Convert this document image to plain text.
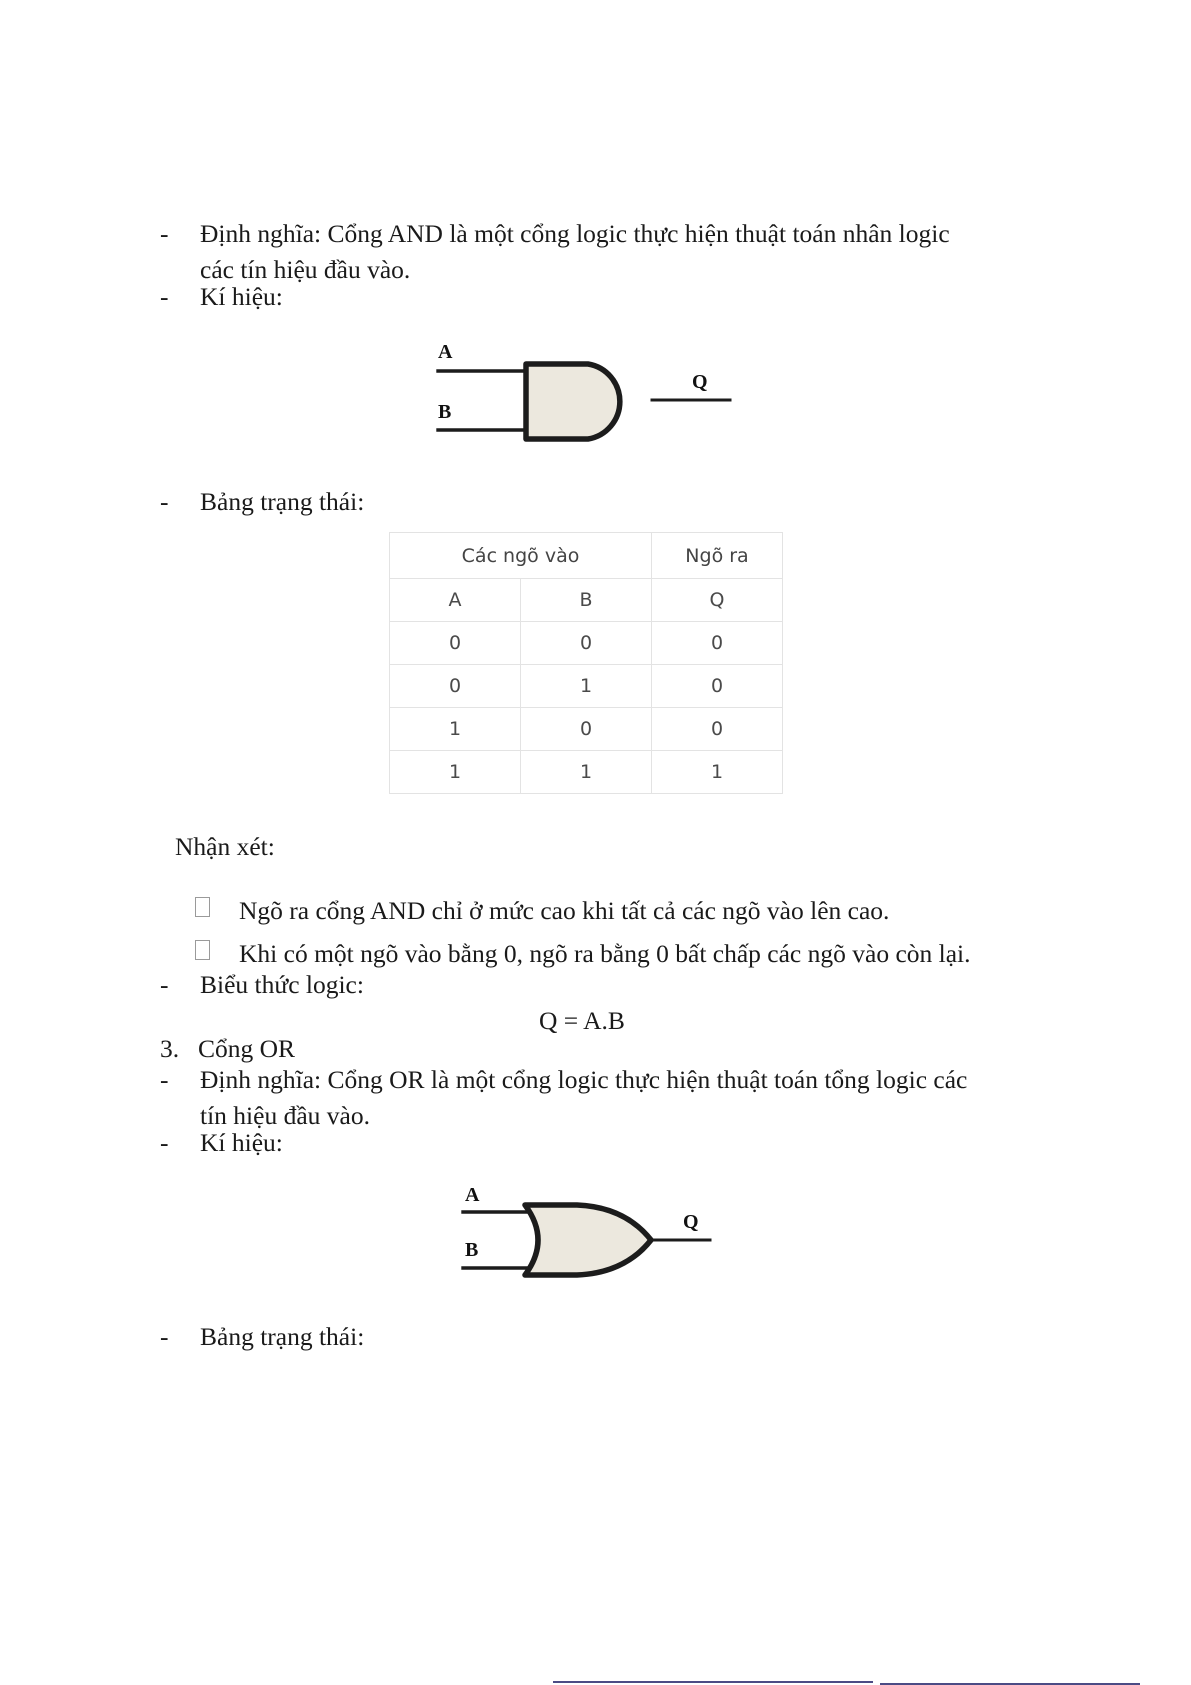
-	Định nghĩa: Cổng AND là một cổng logic thực hiện thuật toán nhân logic các tín hiệu đầu vào.
-	Kí hiệu:
A
B
Q
-	Bảng trạng thái:
Các ngõ vào		Ngõ ra
A	B	Q
0	0	0
0	1	0
1	0	0
1	1	1
Nhận xét:
Ngõ ra cổng AND chỉ ở mức cao khi tất cả các ngõ vào lên cao.
Khi có một ngõ vào bằng 0, ngõ ra bằng 0 bất chấp các ngõ vào còn lại.
-	Biểu thức logic:
Q = A.B
3. Cổng OR
-	Định nghĩa: Cổng OR là một cổng logic thực hiện thuật toán tổng logic các tín hiệu đầu vào.
-	Kí hiệu:
A
B
Q
-	Bảng trạng thái:
